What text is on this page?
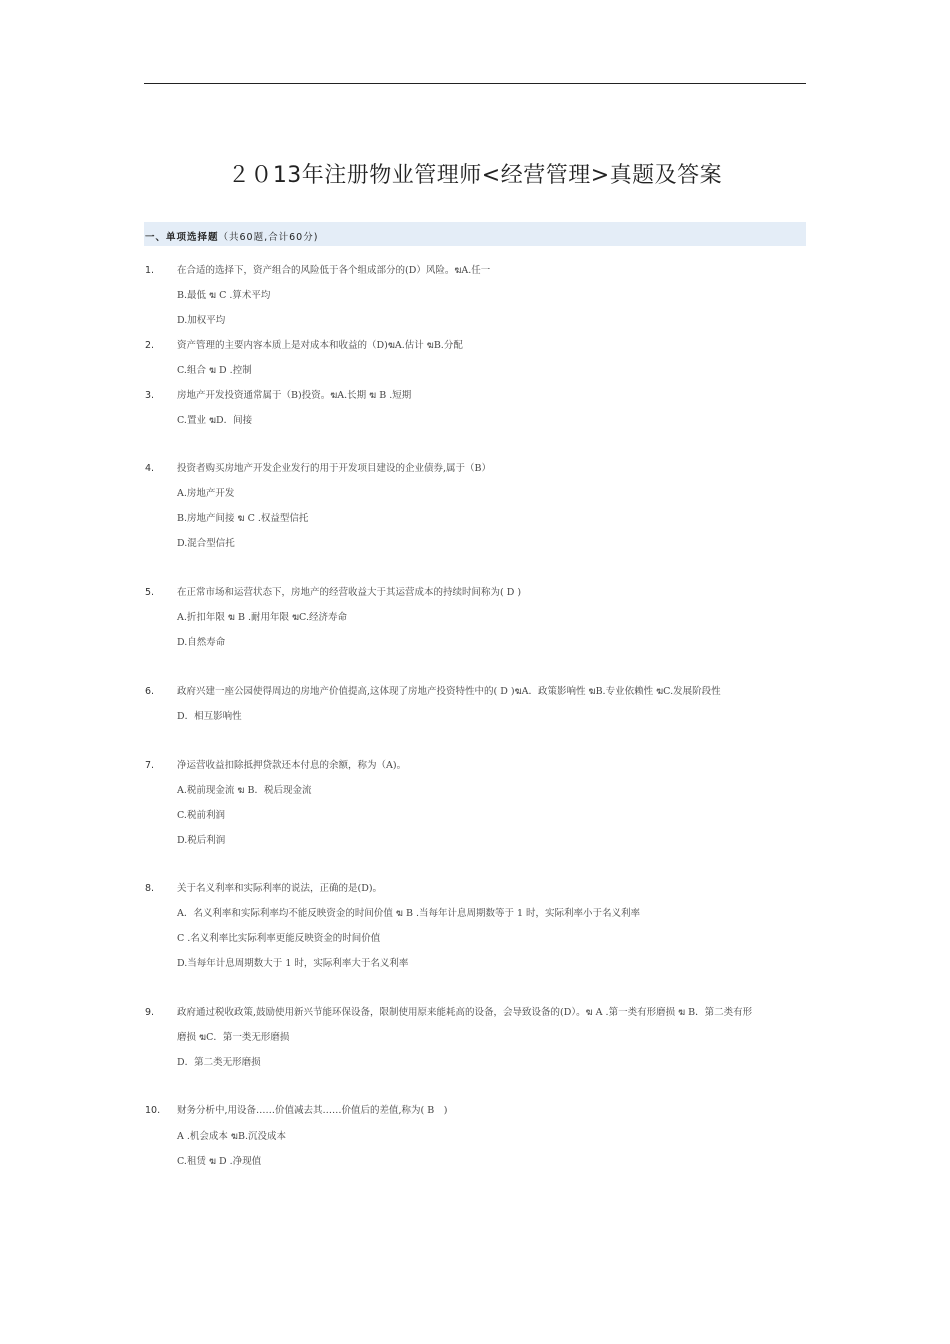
２０13年注册物业管理师<经营管理>真题及答案
一、单项选择题（共60题,合计60分)
1. 在合适的选择下，资产组合的风险低于各个组成部分的(D）风险。ฆA.任一
B.最低 ฆ C .算术平均
D.加权平均
2. 资产管理的主要内容本质上是对成本和收益的（D)ฆA.估计 ฆB.分配
C.组合 ฆ D .控制
3. 房地产开发投资通常属于（B)投资。ฆA.长期 ฆ B .短期
C.置业 ฆD．间接
4. 投资者购买房地产开发企业发行的用于开发项目建设的企业债券,属于（B）
A.房地产开发
B.房地产间接 ฆ C .权益型信托
D.混合型信托
5. 在正常市场和运营状态下，房地产的经营收益大于其运营成本的持续时间称为( D )
A.折扣年限 ฆ B .耐用年限 ฆC.经济寿命
D.自然寿命
6. 政府兴建一座公园使得周边的房地产价值提高,这体现了房地产投资特性中的( D )ฆA．政策影响性 ฆB.专业依赖性 ฆC.发展阶段性
D．相互影响性
7. 净运营收益扣除抵押贷款还本付息的余额，称为（A)。
A.税前现金流 ฆ B．税后现金流
C.税前利润
D.税后利润
8. 关于名义利率和实际利率的说法，正确的是(D)。
A．名义利率和实际利率均不能反映资金的时间价值 ฆ B .当每年计息周期数等于 1 时，实际利率小于名义利率
C .名义利率比实际利率更能反映资金的时间价值
D.当每年计息周期数大于 1 时，实际利率大于名义利率
9. 政府通过税收政策,鼓励使用新兴节能环保设备，限制使用原来能耗高的设备，会导致设备的(D）。ฆ A .第一类有形磨损 ฆ B．第二类有形
磨损 ฆC．第一类无形磨损
D．第二类无形磨损
10. 财务分析中,用设备……价值减去其……价值后的差值,称为( B　)
A .机会成本 ฆB.沉没成本
C.租赁 ฆ D .净现值
